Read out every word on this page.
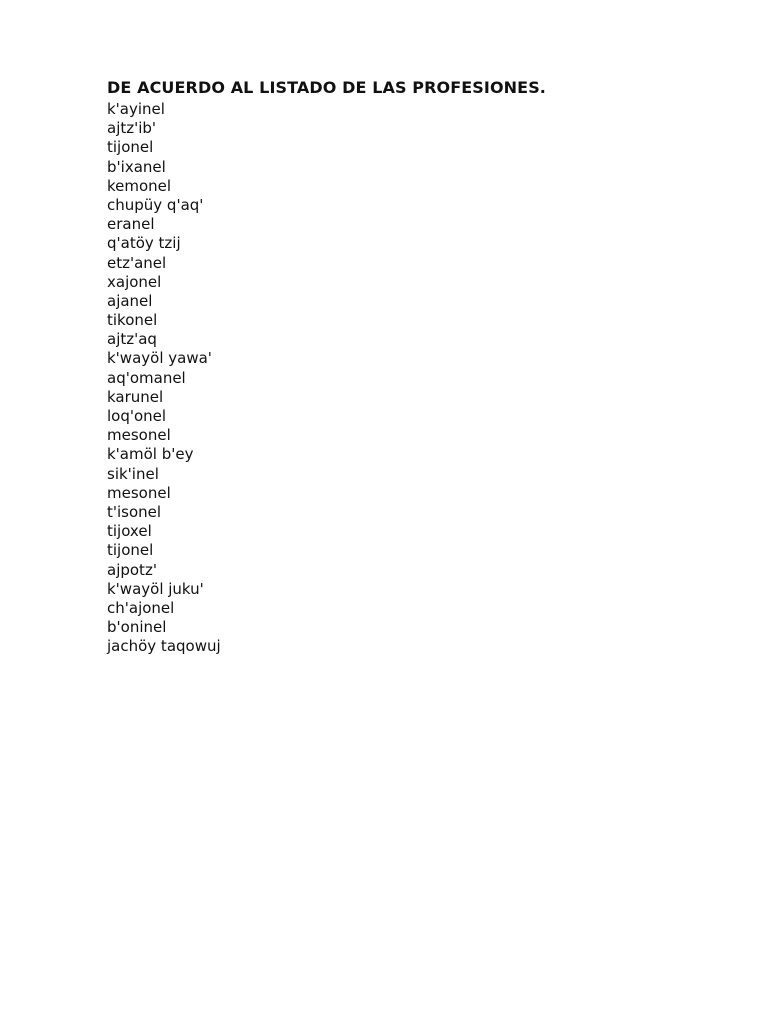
DE ACUERDO AL LISTADO DE LAS PROFESIONES.
k'ayinel
ajtz'ib'
tijonel
b'ixanel
kemonel
chupüy q'aq'
eranel
q'atöy tzij
etz'anel
xajonel
ajanel
tikonel
ajtz'aq
k'wayöl yawa'
aq'omanel
karunel
loq'onel
mesonel
k'amöl b'ey
sik'inel
mesonel
t'isonel
tijoxel
tijonel
ajpotz'
k'wayöl juku'
ch'ajonel
b'oninel
jachöy taqowuj
